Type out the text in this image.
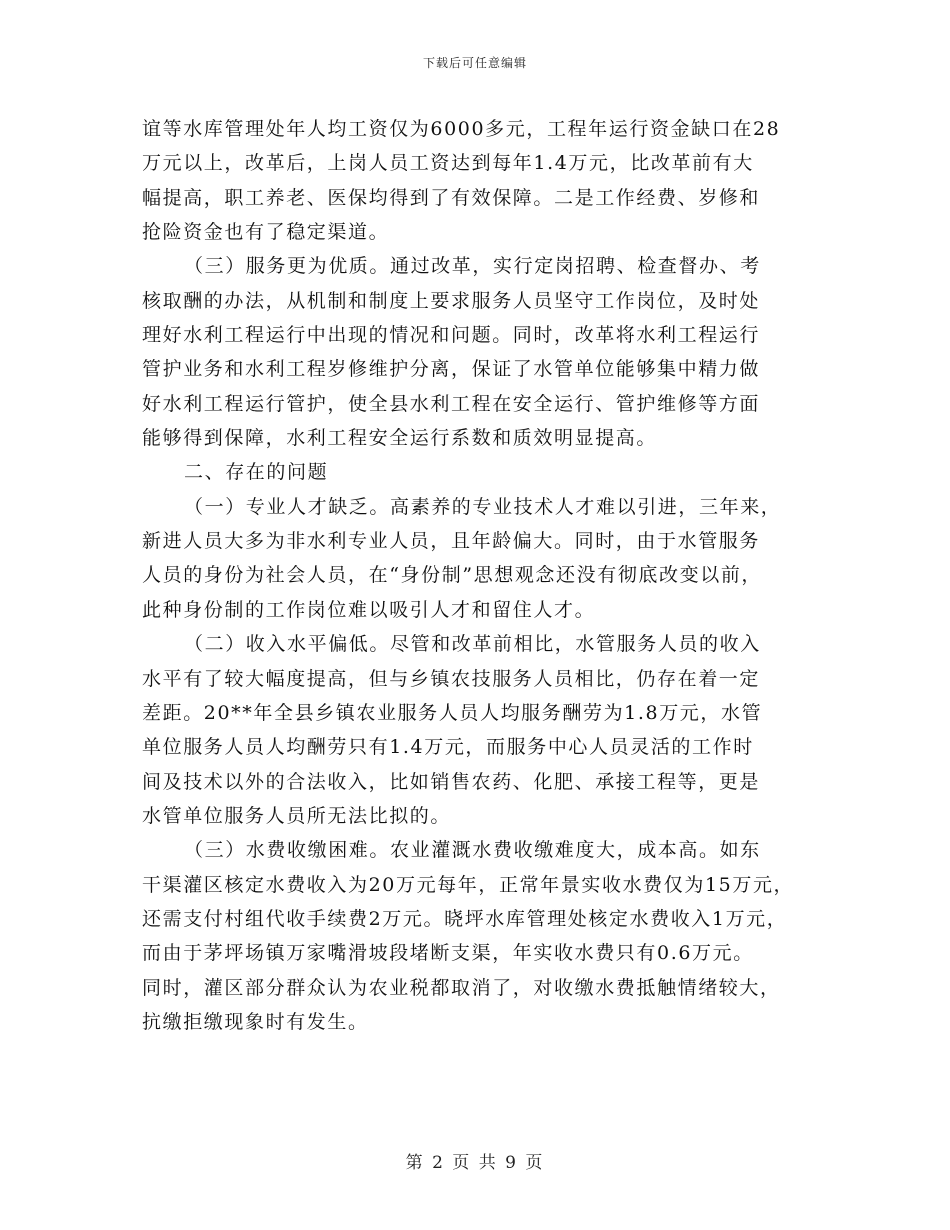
下载后可任意编辑
谊等水库管理处年人均工资仅为6000多元，工程年运行资金缺口在28
万元以上，改革后，上岗人员工资达到每年1.4万元，比改革前有大
幅提高，职工养老、医保均得到了有效保障。二是工作经费、岁修和
抢险资金也有了稳定渠道。
（三）服务更为优质。通过改革，实行定岗招聘、检查督办、考
核取酬的办法，从机制和制度上要求服务人员坚守工作岗位，及时处
理好水利工程运行中出现的情况和问题。同时，改革将水利工程运行
管护业务和水利工程岁修维护分离，保证了水管单位能够集中精力做
好水利工程运行管护，使全县水利工程在安全运行、管护维修等方面
能够得到保障，水利工程安全运行系数和质效明显提高。
二、存在的问题
（一）专业人才缺乏。高素养的专业技术人才难以引进，三年来，
新进人员大多为非水利专业人员，且年龄偏大。同时，由于水管服务
人员的身份为社会人员，在“身份制”思想观念还没有彻底改变以前，
此种身份制的工作岗位难以吸引人才和留住人才。
（二）收入水平偏低。尽管和改革前相比，水管服务人员的收入
水平有了较大幅度提高，但与乡镇农技服务人员相比，仍存在着一定
差距。20**年全县乡镇农业服务人员人均服务酬劳为1.8万元，水管
单位服务人员人均酬劳只有1.4万元，而服务中心人员灵活的工作时
间及技术以外的合法收入，比如销售农药、化肥、承接工程等，更是
水管单位服务人员所无法比拟的。
（三）水费收缴困难。农业灌溉水费收缴难度大，成本高。如东
干渠灌区核定水费收入为20万元每年，正常年景实收水费仅为15万元，
还需支付村组代收手续费2万元。晓坪水库管理处核定水费收入1万元，
而由于茅坪场镇万家嘴滑坡段堵断支渠，年实收水费只有0.6万元。
同时，灌区部分群众认为农业税都取消了，对收缴水费抵触情绪较大，
抗缴拒缴现象时有发生。
第 2 页 共 9 页
